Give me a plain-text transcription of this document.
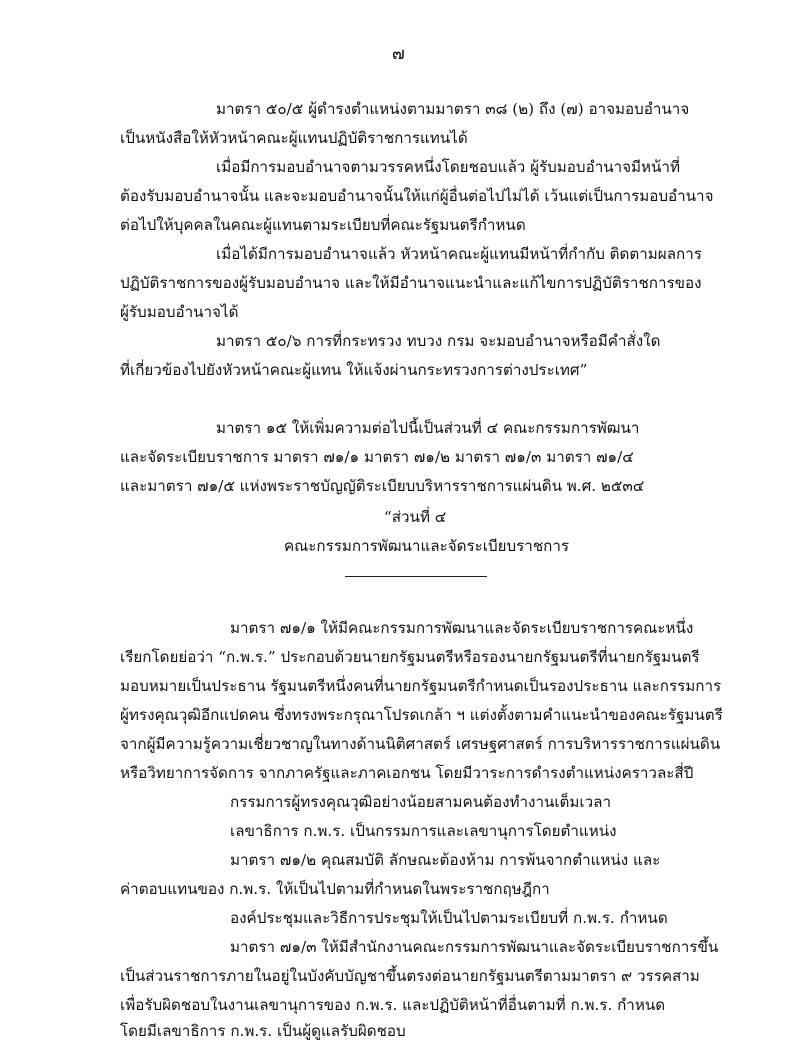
๗
มาตรา ๕๐/๕ ผู้ดำรงตำแหน่งตามมาตรา ๓๘ (๒) ถึง (๗) อาจมอบอำนาจ
เป็นหนังสือให้หัวหน้าคณะผู้แทนปฏิบัติราชการแทนได้
เมื่อมีการมอบอำนาจตามวรรคหนึ่งโดยชอบแล้ว ผู้รับมอบอำนาจมีหน้าที่
ต้องรับมอบอำนาจนั้น และจะมอบอำนาจนั้นให้แก่ผู้อื่นต่อไปไม่ได้ เว้นแต่เป็นการมอบอำนาจ
ต่อไปให้บุคคลในคณะผู้แทนตามระเบียบที่คณะรัฐมนตรีกำหนด
เมื่อได้มีการมอบอำนาจแล้ว หัวหน้าคณะผู้แทนมีหน้าที่กำกับ ติดตามผลการ
ปฏิบัติราชการของผู้รับมอบอำนาจ และให้มีอำนาจแนะนำและแก้ไขการปฏิบัติราชการของ
ผู้รับมอบอำนาจได้
มาตรา ๕๐/๖ การที่กระทรวง ทบวง กรม จะมอบอำนาจหรือมีคำสั่งใด
ที่เกี่ยวข้องไปยังหัวหน้าคณะผู้แทน ให้แจ้งผ่านกระทรวงการต่างประเทศ”
มาตรา ๑๕ ให้เพิ่มความต่อไปนี้เป็นส่วนที่ ๔ คณะกรรมการพัฒนา
และจัดระเบียบราชการ มาตรา ๗๑/๑ มาตรา ๗๑/๒ มาตรา ๗๑/๓ มาตรา ๗๑/๔
และมาตรา ๗๑/๕ แห่งพระราชบัญญัติระเบียบบริหารราชการแผ่นดิน พ.ศ. ๒๕๓๔
“ส่วนที่ ๔
คณะกรรมการพัฒนาและจัดระเบียบราชการ
มาตรา ๗๑/๑ ให้มีคณะกรรมการพัฒนาและจัดระเบียบราชการคณะหนึ่ง
เรียกโดยย่อว่า “ก.พ.ร.” ประกอบด้วยนายกรัฐมนตรีหรือรองนายกรัฐมนตรีที่นายกรัฐมนตรี
มอบหมายเป็นประธาน รัฐมนตรีหนึ่งคนที่นายกรัฐมนตรีกำหนดเป็นรองประธาน และกรรมการ
ผู้ทรงคุณวุฒิอีกแปดคน ซึ่งทรงพระกรุณาโปรดเกล้า ฯ แต่งตั้งตามคำแนะนำของคณะรัฐมนตรี
จากผู้มีความรู้ความเชี่ยวชาญในทางด้านนิติศาสตร์ เศรษฐศาสตร์ การบริหารราชการแผ่นดิน
หรือวิทยาการจัดการ จากภาครัฐและภาคเอกชน โดยมีวาระการดำรงตำแหน่งคราวละสี่ปี
กรรมการผู้ทรงคุณวุฒิอย่างน้อยสามคนต้องทำงานเต็มเวลา
เลขาธิการ ก.พ.ร. เป็นกรรมการและเลขานุการโดยตำแหน่ง
มาตรา ๗๑/๒ คุณสมบัติ ลักษณะต้องห้าม การพ้นจากตำแหน่ง และ
ค่าตอบแทนของ ก.พ.ร. ให้เป็นไปตามที่กำหนดในพระราชกฤษฎีกา
องค์ประชุมและวิธีการประชุมให้เป็นไปตามระเบียบที่ ก.พ.ร. กำหนด
มาตรา ๗๑/๓ ให้มีสำนักงานคณะกรรมการพัฒนาและจัดระเบียบราชการขึ้น
เป็นส่วนราชการภายในอยู่ในบังคับบัญชาขึ้นตรงต่อนายกรัฐมนตรีตามมาตรา ๙ วรรคสาม
เพื่อรับผิดชอบในงานเลขานุการของ ก.พ.ร. และปฏิบัติหน้าที่อื่นตามที่ ก.พ.ร. กำหนด
โดยมีเลขาธิการ ก.พ.ร. เป็นผู้ดูแลรับผิดชอบ
